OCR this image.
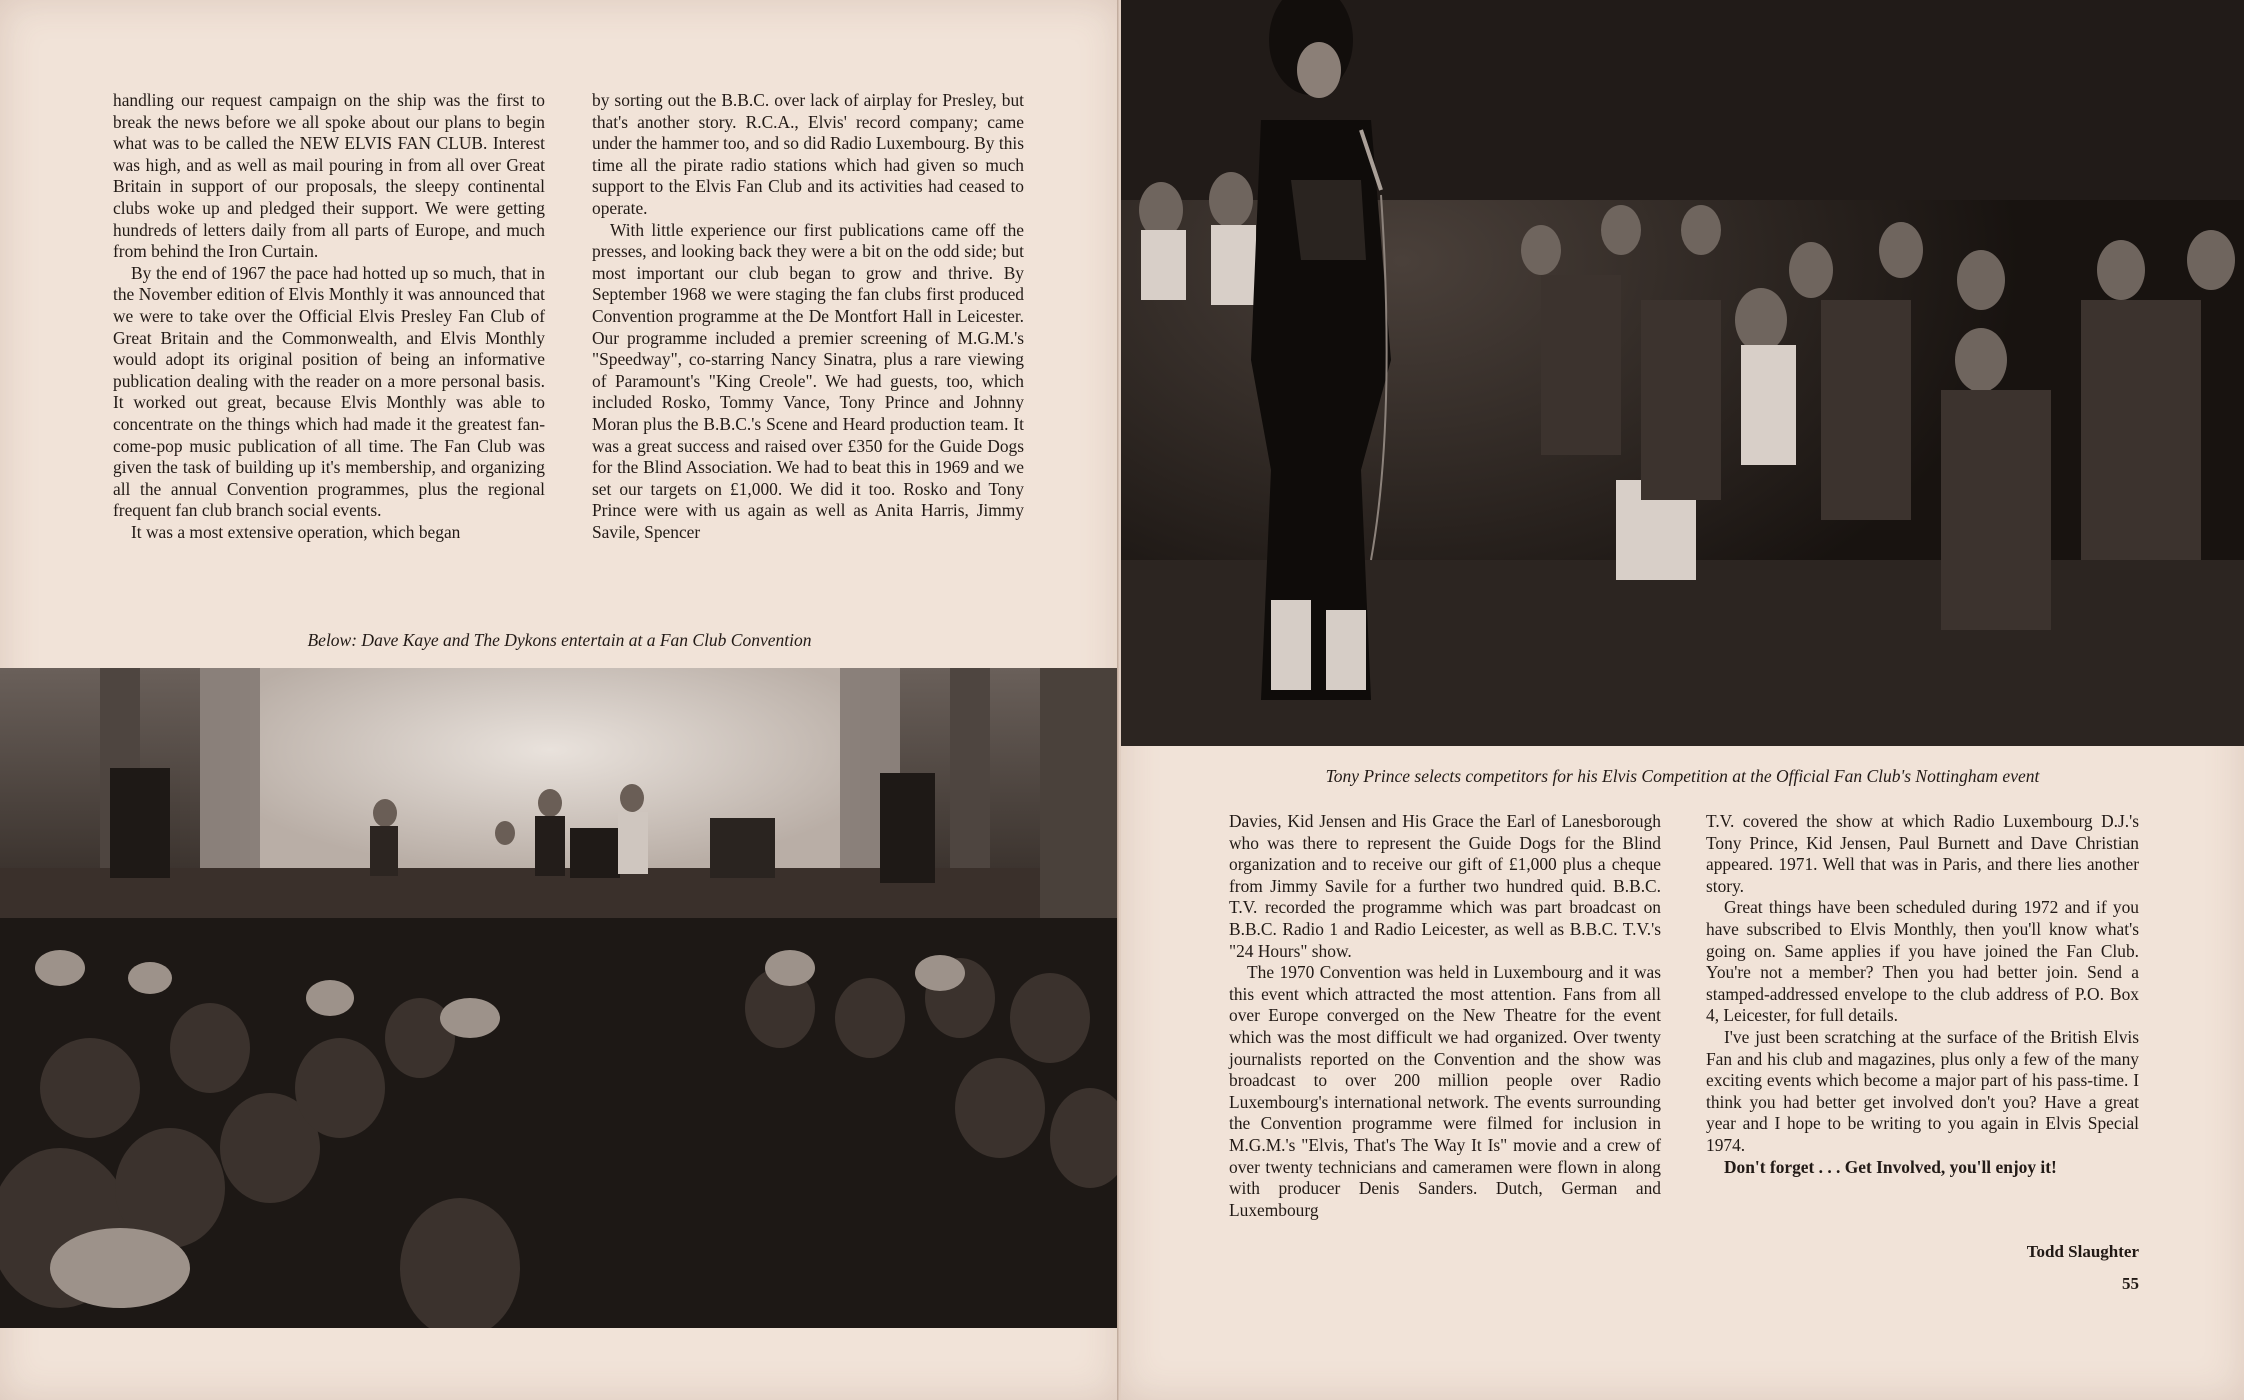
handling our request campaign on the ship was the first to break the news before we all spoke about our plans to begin what was to be called the NEW ELVIS FAN CLUB. Interest was high, and as well as mail pouring in from all over Great Britain in support of our proposals, the sleepy continental clubs woke up and pledged their support. We were getting hundreds of letters daily from all parts of Europe, and much from behind the Iron Curtain.

By the end of 1967 the pace had hotted up so much, that in the November edition of Elvis Monthly it was announced that we were to take over the Official Elvis Presley Fan Club of Great Britain and the Commonwealth, and Elvis Monthly would adopt its original position of being an informative publication dealing with the reader on a more personal basis. It worked out great, because Elvis Monthly was able to concentrate on the things which had made it the greatest fan-come-pop music publication of all time. The Fan Club was given the task of building up it's membership, and organizing all the annual Convention programmes, plus the regional frequent fan club branch social events.

It was a most extensive operation, which began

by sorting out the B.B.C. over lack of airplay for Presley, but that's another story. R.C.A., Elvis' record company; came under the hammer too, and so did Radio Luxembourg. By this time all the pirate radio stations which had given so much support to the Elvis Fan Club and its activities had ceased to operate.

With little experience our first publications came off the presses, and looking back they were a bit on the odd side; but most important our club began to grow and thrive. By September 1968 we were staging the fan clubs first produced Convention programme at the De Montfort Hall in Leicester. Our programme included a premier screening of M.G.M.'s "Speedway", co-starring Nancy Sinatra, plus a rare viewing of Paramount's "King Creole". We had guests, too, which included Rosko, Tommy Vance, Tony Prince and Johnny Moran plus the B.B.C.'s Scene and Heard production team. It was a great success and raised over £350 for the Guide Dogs for the Blind Association. We had to beat this in 1969 and we set our targets on £1,000. We did it too. Rosko and Tony Prince were with us again as well as Anita Harris, Jimmy Savile, Spencer

Below: Dave Kaye and The Dykons entertain at a Fan Club Convention
Tony Prince selects competitors for his Elvis Competition at the Official Fan Club's Nottingham event

Davies, Kid Jensen and His Grace the Earl of Lanesborough who was there to represent the Guide Dogs for the Blind organization and to receive our gift of £1,000 plus a cheque from Jimmy Savile for a further two hundred quid. B.B.C. T.V. recorded the programme which was part broadcast on B.B.C. Radio 1 and Radio Leicester, as well as B.B.C. T.V.'s "24 Hours" show.

The 1970 Convention was held in Luxembourg and it was this event which attracted the most attention. Fans from all over Europe converged on the New Theatre for the event which was the most difficult we had organized. Over twenty journalists reported on the Convention and the show was broadcast to over 200 million people over Radio Luxembourg's international network. The events surrounding the Convention programme were filmed for inclusion in M.G.M.'s "Elvis, That's The Way It Is" movie and a crew of over twenty technicians and cameramen were flown in along with producer Denis Sanders. Dutch, German and Luxembourg

T.V. covered the show at which Radio Luxembourg D.J.'s Tony Prince, Kid Jensen, Paul Burnett and Dave Christian appeared. 1971. Well that was in Paris, and there lies another story.

Great things have been scheduled during 1972 and if you have subscribed to Elvis Monthly, then you'll know what's going on. Same applies if you have joined the Fan Club. You're not a member? Then you had better join. Send a stamped-addressed envelope to the club address of P.O. Box 4, Leicester, for full details.

I've just been scratching at the surface of the British Elvis Fan and his club and magazines, plus only a few of the many exciting events which become a major part of his pass-time. I think you had better get involved don't you? Have a great year and I hope to be writing to you again in Elvis Special 1974.

Don't forget . . . Get Involved, you'll enjoy it!

Todd Slaughter
55
